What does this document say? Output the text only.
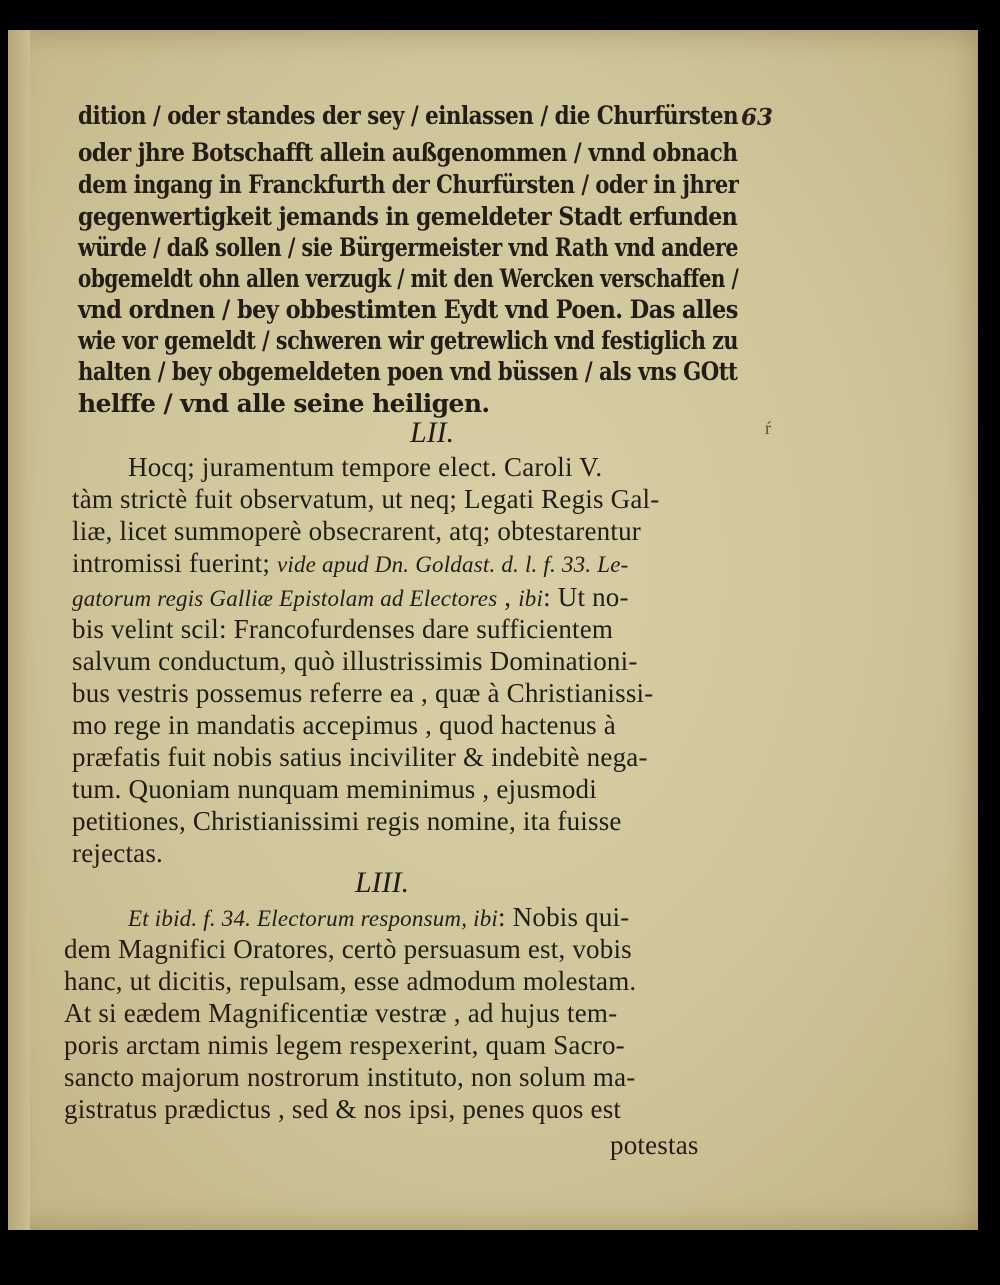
63
dition / oder standes der sey / einlassen / die Churfürsten
oder jhre Botschafft allein außgenommen / vnnd obnach
dem ingang in Franckfurth der Churfürsten / oder in jhrer
gegenwertigkeit jemands in gemeldeter Stadt erfunden
würde / daß sollen / sie Bürgermeister vnd Rath vnd andere
obgemeldt ohn allen verzugk / mit den Wercken verschaffen /
vnd ordnen / bey obbestimten Eydt vnd Poen. Das alles
wie vor gemeldt / schweren wir getrewlich vnd festiglich zu
halten / bey obgemeldeten poen vnd büssen / als vns GOtt
helffe / vnd alle seine heiligen.
ŕ
LII.
Hocq; juramentum tempore elect. Caroli V.
tàm strictè fuit observatum, ut neq; Legati Regis Gal-
liæ, licet summoperè obsecrarent, atq; obtestarentur
intromissi fuerint; vide apud Dn. Goldast. d. l. f. 33. Le-
gatorum regis Galliæ Epistolam ad Electores , ibi: Ut no-
bis velint scil: Francofurdenses dare sufficientem
salvum conductum, quò illustrissimis Dominationi-
bus vestris possemus referre ea , quæ à Christianissi-
mo rege in mandatis accepimus , quod hactenus à
præfatis fuit nobis satius inciviliter & indebitè nega-
tum. Quoniam nunquam meminimus , ejusmodi
petitiones, Christianissimi regis nomine, ita fuisse
rejectas.
LIII.
Et ibid. f. 34. Electorum responsum, ibi: Nobis qui-
dem Magnifici Oratores, certò persuasum est, vobis
hanc, ut dicitis, repulsam, esse admodum molestam.
At si eædem Magnificentiæ vestræ , ad hujus tem-
poris arctam nimis legem respexerint, quam Sacro-
sancto majorum nostrorum instituto, non solum ma-
gistratus prædictus , sed & nos ipsi, penes quos est
potestas
